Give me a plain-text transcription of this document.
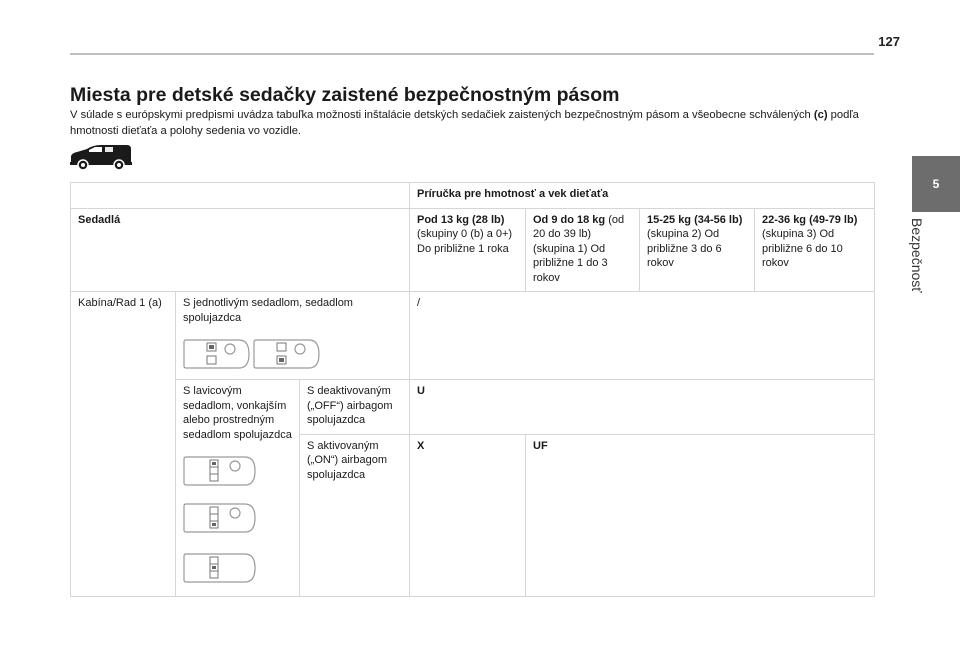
127
5
Bezpečnosť
Miesta pre detské sedačky zaistené bezpečnostným pásom

V súlade s európskymi predpismi uvádza tabuľka možnosti inštalácie detských sedačiek zaistených bezpečnostným pásom a všeobecne schválených (c) podľa hmotnosti dieťaťa a polohy sedenia vo vozidle.

			Príručka pre hmotnosť a vek dieťaťa			
Sedadlá			Pod 13 kg (28 lb) (skupiny 0 (b) a 0+) Do približne 1 roka	Od 9 do 18 kg (od 20 do 39 lb) (skupina 1) Od približne 1 do 3 rokov	15-25 kg (34-56 lb) (skupina 2) Od približne 3 do 6 rokov	22-36 kg (49-79 lb) (skupina 3) Od približne 6 do 10 rokov
Kabína/Rad 1 (a)	S jednotlivým sedadlom, sedadlom spolujazdca		/			

	S lavicovým sedadlom, vonkajším alebo prostredným sedadlom spolujazdca	S deaktivovaným („OFF“) airbagom spolujazdca	U			
		S aktivovaným („ON“) airbagom spolujazdca	X	UF		
